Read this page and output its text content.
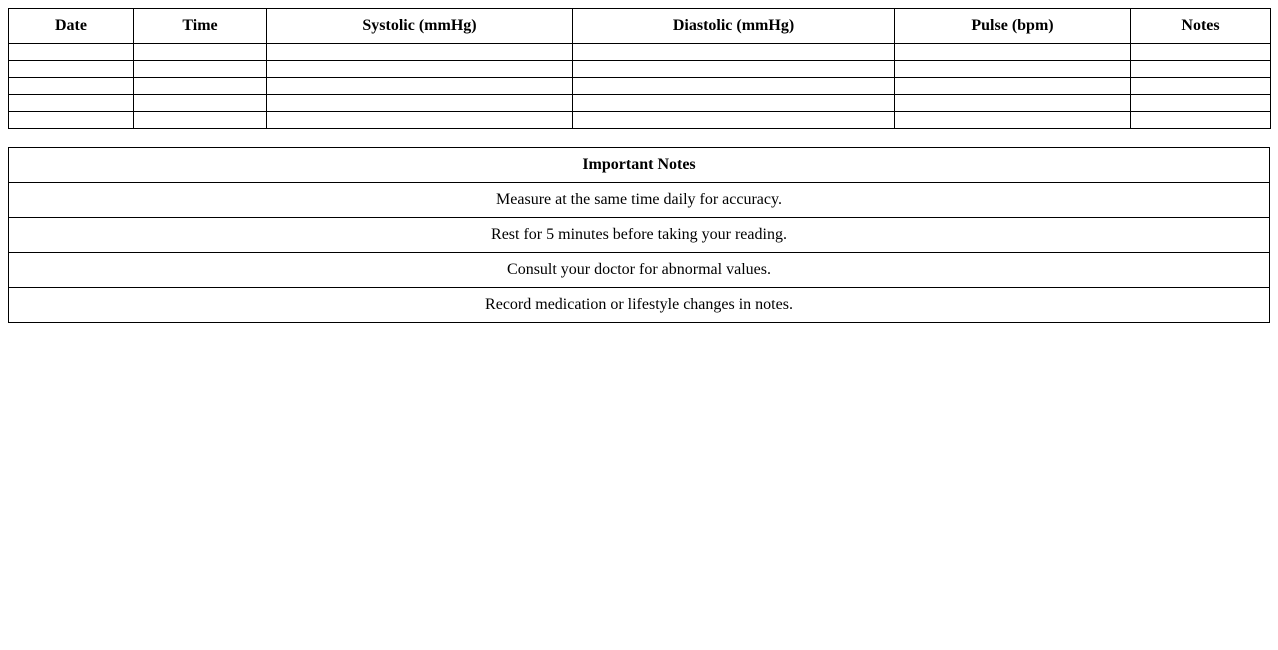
Date	Time	Systolic (mmHg)	Diastolic (mmHg)	Pulse (bpm)	Notes

Important Notes
Measure at the same time daily for accuracy.
Rest for 5 minutes before taking your reading.
Consult your doctor for abnormal values.
Record medication or lifestyle changes in notes.
